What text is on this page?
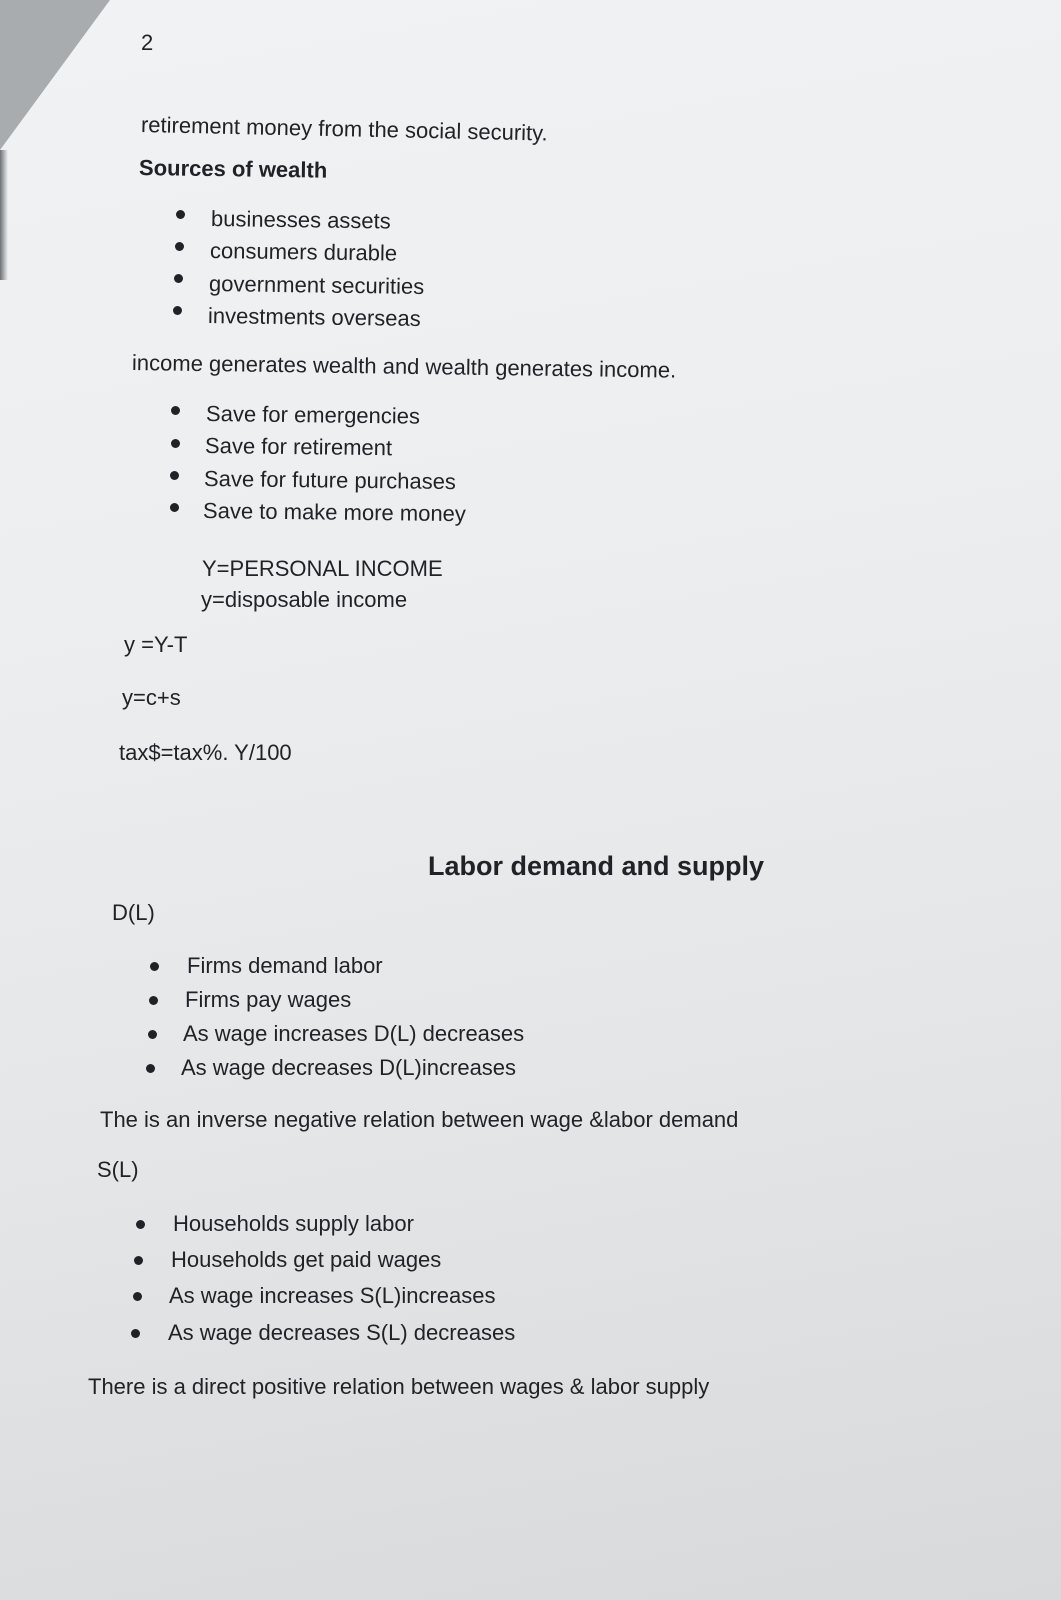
2
retirement money from the social security.
Sources of wealth
businesses assets
consumers durable
government securities
investments overseas
income generates wealth and wealth generates income.
Save for emergencies
Save for retirement
Save for future purchases
Save to make more money
Y=PERSONAL INCOME
y=disposable income
y =Y-T
y=c+s
tax$=tax%. Y/100
Labor demand and supply
D(L)
Firms demand labor
Firms pay wages
As wage increases D(L) decreases
As wage decreases D(L)increases
The is an inverse negative relation between wage &labor demand
S(L)
Households supply labor
Households get paid wages
As wage increases S(L)increases
As wage decreases S(L) decreases
There is a direct positive relation between wages & labor supply
